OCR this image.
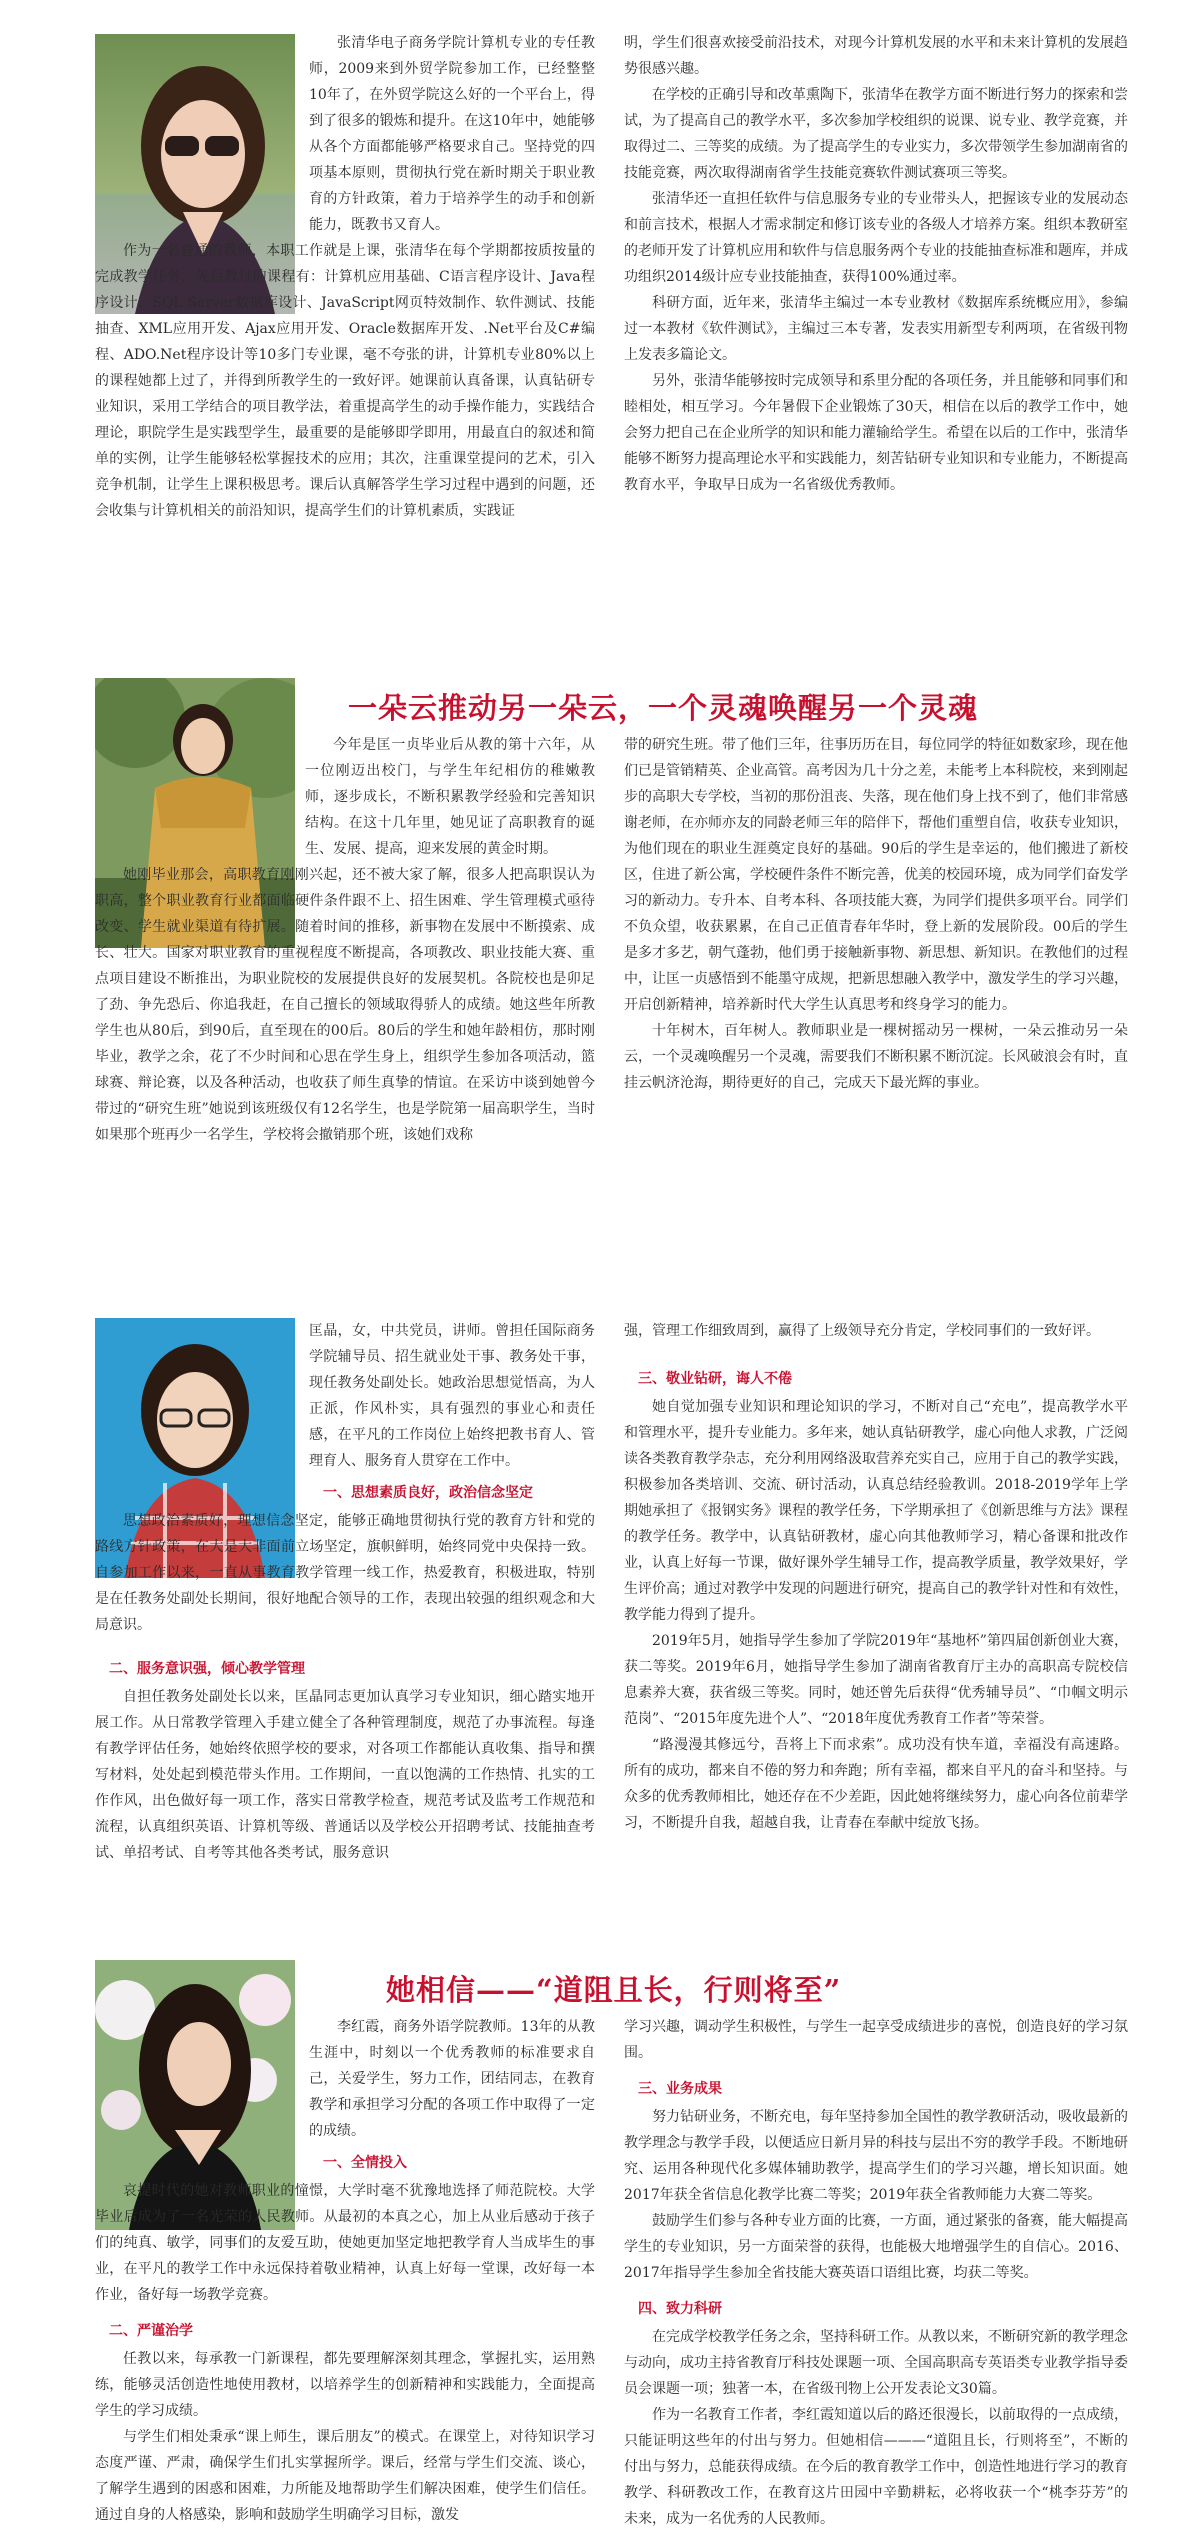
张清华电子商务学院计算机专业的专任教师，2009来到外贸学院参加工作，已经整整10年了，在外贸学院这么好的一个平台上，得到了很多的锻炼和提升。在这10年中，她能够从各个方面都能够严格要求自己。坚持党的四项基本原则，贯彻执行党在新时期关于职业教育的方针政策，着力于培养学生的动手和创新能力，既教书又育人。

作为一名普通的教师，本职工作就是上课，张清华在每个学期都按质按量的完成教学任务，先后教过的课程有：计算机应用基础、C语言程序设计、Java程序设计、SQL Server数据库设计、JavaScript网页特效制作、软件测试、技能抽查、XML应用开发、Ajax应用开发、Oracle数据库开发、.Net平台及C#编程、ADO.Net程序设计等10多门专业课，毫不夸张的讲，计算机专业80%以上的课程她都上过了，并得到所教学生的一致好评。她课前认真备课，认真钻研专业知识，采用工学结合的项目教学法，着重提高学生的动手操作能力，实践结合理论，职院学生是实践型学生，最重要的是能够即学即用，用最直白的叙述和简单的实例，让学生能够轻松掌握技术的应用；其次，注重课堂提问的艺术，引入竞争机制，让学生上课积极思考。课后认真解答学生学习过程中遇到的问题，还会收集与计算机相关的前沿知识，提高学生们的计算机素质，实践证

明，学生们很喜欢接受前沿技术，对现今计算机发展的水平和未来计算机的发展趋势很感兴趣。

在学校的正确引导和改革熏陶下，张清华在教学方面不断进行努力的探索和尝试，为了提高自己的教学水平，多次参加学校组织的说课、说专业、教学竞赛，并取得过二、三等奖的成绩。为了提高学生的专业实力，多次带领学生参加湖南省的技能竞赛，两次取得湖南省学生技能竞赛软件测试赛项三等奖。

张清华还一直担任软件与信息服务专业的专业带头人，把握该专业的发展动态和前言技术，根据人才需求制定和修订该专业的各级人才培养方案。组织本教研室的老师开发了计算机应用和软件与信息服务两个专业的技能抽查标准和题库，并成功组织2014级计应专业技能抽查，获得100%通过率。

科研方面，近年来，张清华主编过一本专业教材《数据库系统概应用》，参编过一本教材《软件测试》，主编过三本专著，发表实用新型专利两项，在省级刊物上发表多篇论文。

另外，张清华能够按时完成领导和系里分配的各项任务，并且能够和同事们和睦相处，相互学习。今年暑假下企业锻炼了30天，相信在以后的教学工作中，她会努力把自己在企业所学的知识和能力灌输给学生。希望在以后的工作中，张清华能够不断努力提高理论水平和实践能力，刻苦钻研专业知识和专业能力，不断提高教育水平，争取早日成为一名省级优秀教师。

一朵云推动另一朵云，一个灵魂唤醒另一个灵魂

今年是匡一贞毕业后从教的第十六年，从一位刚迈出校门，与学生年纪相仿的稚嫩教师，逐步成长，不断积累教学经验和完善知识结构。在这十几年里，她见证了高职教育的诞生、发展、提高，迎来发展的黄金时期。

她刚毕业那会，高职教育刚刚兴起，还不被大家了解，很多人把高职误认为职高，整个职业教育行业都面临硬件条件跟不上、招生困难、学生管理模式亟待改变、学生就业渠道有待扩展。随着时间的推移，新事物在发展中不断摸索、成长、壮大。国家对职业教育的重视程度不断提高，各项教改、职业技能大赛、重点项目建设不断推出，为职业院校的发展提供良好的发展契机。各院校也是卯足了劲、争先恐后、你追我赶，在自己擅长的领域取得骄人的成绩。她这些年所教学生也从80后，到90后，直至现在的00后。80后的学生和她年龄相仿，那时刚毕业，教学之余，花了不少时间和心思在学生身上，组织学生参加各项活动，篮球赛、辩论赛，以及各种活动，也收获了师生真挚的情谊。在采访中谈到她曾今带过的“研究生班”她说到该班级仅有12名学生，也是学院第一届高职学生，当时如果那个班再少一名学生，学校将会撤销那个班，该她们戏称

带的研究生班。带了他们三年，往事历历在目，每位同学的特征如数家珍，现在他们已是管销精英、企业高管。高考因为几十分之差，未能考上本科院校，来到刚起步的高职大专学校，当初的那份沮丧、失落，现在他们身上找不到了，他们非常感谢老师，在亦师亦友的同龄老师三年的陪伴下，帮他们重塑自信，收获专业知识，为他们现在的职业生涯奠定良好的基础。90后的学生是幸运的，他们搬进了新校区，住进了新公寓，学校硬件条件不断完善，优美的校园环境，成为同学们奋发学习的新动力。专升本、自考本科、各项技能大赛，为同学们提供多项平台。同学们不负众望，收获累累，在自己正值青春年华时，登上新的发展阶段。00后的学生是多才多艺，朝气蓬勃，他们勇于接触新事物、新思想、新知识。在教他们的过程中，让匡一贞感悟到不能墨守成规，把新思想融入教学中，激发学生的学习兴趣，开启创新精神，培养新时代大学生认真思考和终身学习的能力。

十年树木，百年树人。教师职业是一棵树摇动另一棵树，一朵云推动另一朵云，一个灵魂唤醒另一个灵魂，需要我们不断积累不断沉淀。长风破浪会有时，直挂云帆济沧海，期待更好的自己，完成天下最光辉的事业。

匡晶，女，中共党员，讲师。曾担任国际商务学院辅导员、招生就业处干事、教务处干事，现任教务处副处长。她政治思想觉悟高，为人正派，作风朴实，具有强烈的事业心和责任感，在平凡的工作岗位上始终把教书育人、管理育人、服务育人贯穿在工作中。

一、思想素质良好，政治信念坚定

思想政治素质好，理想信念坚定，能够正确地贯彻执行党的教育方针和党的路线方针政策，在大是大非面前立场坚定，旗帜鲜明，始终同党中央保持一致。自参加工作以来，一直从事教育教学管理一线工作，热爱教育，积极进取，特别是在任教务处副处长期间，很好地配合领导的工作，表现出较强的组织观念和大局意识。

二、服务意识强，倾心教学管理

自担任教务处副处长以来，匡晶同志更加认真学习专业知识，细心踏实地开展工作。从日常教学管理入手建立健全了各种管理制度，规范了办事流程。每逢有教学评估任务，她始终依照学校的要求，对各项工作都能认真收集、指导和撰写材料，处处起到模范带头作用。工作期间，一直以饱满的工作热情、扎实的工作作风，出色做好每一项工作，落实日常教学检查，规范考试及监考工作规范和流程，认真组织英语、计算机等级、普通话以及学校公开招聘考试、技能抽查考试、单招考试、自考等其他各类考试，服务意识

强，管理工作细致周到，赢得了上级领导充分肯定，学校同事们的一致好评。

三、敬业钻研，诲人不倦

她自觉加强专业知识和理论知识的学习，不断对自己“充电”，提高教学水平和管理水平，提升专业能力。多年来，她认真钻研教学，虚心向他人求教，广泛阅读各类教育教学杂志，充分利用网络汲取营养充实自己，应用于自己的教学实践，积极参加各类培训、交流、研讨活动，认真总结经验教训。2018-2019学年上学期她承担了《报钢实务》课程的教学任务，下学期承担了《创新思维与方法》课程的教学任务。教学中，认真钻研教材，虚心向其他教师学习，精心备课和批改作业，认真上好每一节课，做好课外学生辅导工作，提高教学质量，教学效果好，学生评价高；通过对教学中发现的问题进行研究，提高自己的教学针对性和有效性，教学能力得到了提升。

2019年5月，她指导学生参加了学院2019年“基地杯”第四届创新创业大赛，获二等奖。2019年6月，她指导学生参加了湖南省教育厅主办的高职高专院校信息素养大赛，获省级三等奖。同时，她还曾先后获得“优秀辅导员”、“巾帼文明示范岗”、“2015年度先进个人”、“2018年度优秀教育工作者”等荣誉。

“路漫漫其修远兮，吾将上下而求索”。成功没有快车道，幸福没有高速路。所有的成功，都来自不倦的努力和奔跑；所有幸福，都来自平凡的奋斗和坚持。与众多的优秀教师相比，她还存在不少差距，因此她将继续努力，虚心向各位前辈学习，不断提升自我，超越自我，让青春在奉献中绽放飞扬。

她相信——“道阻且长，行则将至”

李红霞，商务外语学院教师。13年的从教生涯中，时刻以一个优秀教师的标准要求自己，关爱学生，努力工作，团结同志，在教育教学和承担学习分配的各项工作中取得了一定的成绩。

一、全情投入

哀提时代的她对教师职业的憧憬，大学时毫不犹豫地选择了师范院校。大学毕业后成为了一名光荣的人民教师。从最初的本真之心，加上从业后感动于孩子们的纯真、敏学，同事们的友爱互助，使她更加坚定地把教学育人当成毕生的事业，在平凡的教学工作中永远保持着敬业精神，认真上好每一堂课，改好每一本作业，备好每一场教学竞赛。

二、严谨治学

任教以来，每承教一门新课程，都先要理解深刻其理念，掌握扎实，运用熟练，能够灵活创造性地使用教材，以培养学生的创新精神和实践能力，全面提高学生的学习成绩。

与学生们相处秉承“课上师生，课后朋友”的模式。在课堂上，对待知识学习态度严谨、严肃，确保学生们扎实掌握所学。课后，经常与学生们交流、谈心，了解学生遇到的困惑和困难，力所能及地帮助学生们解决困难，使学生们信任。通过自身的人格感染，影响和鼓励学生明确学习目标，激发

学习兴趣，调动学生积极性，与学生一起享受成绩进步的喜悦，创造良好的学习氛围。

三、业务成果

努力钻研业务，不断充电，每年坚持参加全国性的教学教研活动，吸收最新的教学理念与教学手段，以便适应日新月异的科技与层出不穷的教学手段。不断地研究、运用各种现代化多媒体辅助教学，提高学生们的学习兴趣，增长知识面。她2017年获全省信息化教学比赛二等奖；2019年获全省教师能力大赛二等奖。

鼓励学生们参与各种专业方面的比赛，一方面，通过紧张的备赛，能大幅提高学生的专业知识，另一方面荣誉的获得，也能极大地增强学生的自信心。2016、2017年指导学生参加全省技能大赛英语口语组比赛，均获二等奖。

四、致力科研

在完成学校教学任务之余，坚持科研工作。从教以来，不断研究新的教学理念与动向，成功主持省教育厅科技处课题一项、全国高职高专英语类专业教学指导委员会课题一项；独著一本，在省级刊物上公开发表论文30篇。

作为一名教育工作者，李红霞知道以后的路还很漫长，以前取得的一点成绩，只能证明这些年的付出与努力。但她相信———“道阻且长，行则将至”，不断的付出与努力，总能获得成绩。在今后的教育教学工作中，创造性地进行学习的教育教学、科研教改工作，在教育这片田园中辛勤耕耘，必将收获一个“桃李芬芳”的未来，成为一名优秀的人民教师。
